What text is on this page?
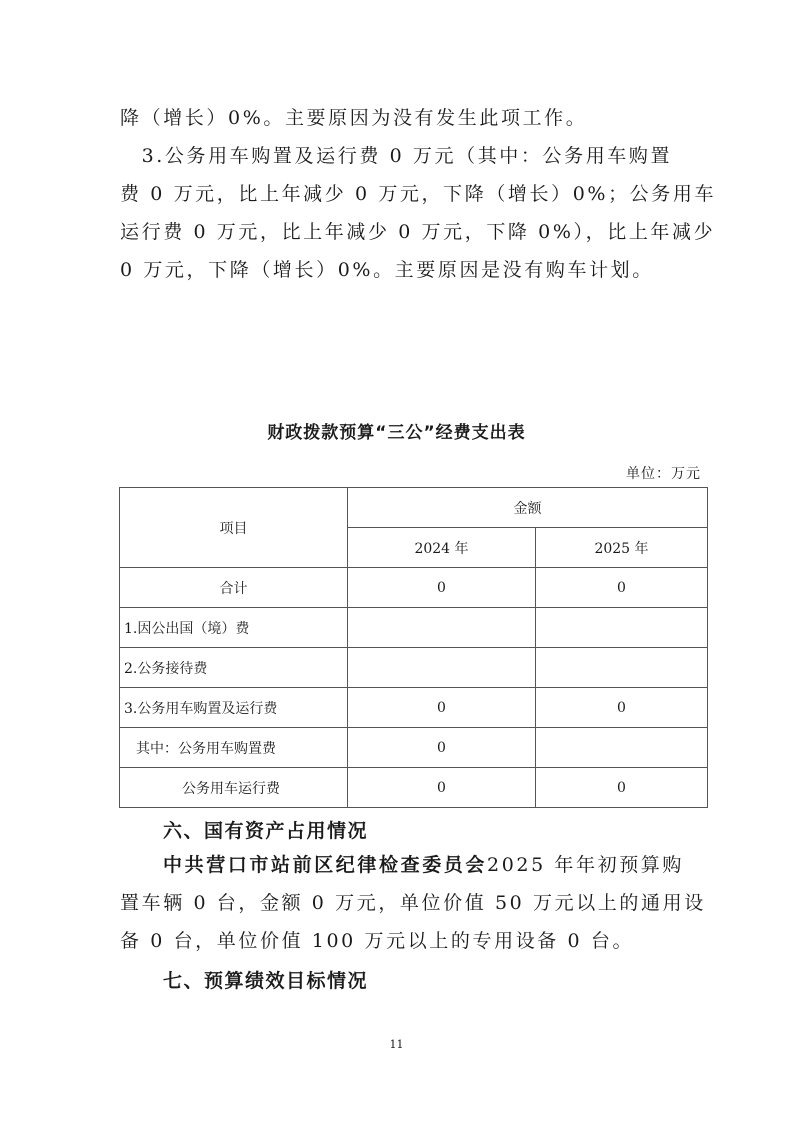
降（增长）0%。主要原因为没有发生此项工作。

　3.公务用车购置及运行费 0 万元（其中：公务用车购置

费 0 万元，比上年减少 0 万元，下降（增长）0%；公务用车

运行费 0 万元，比上年减少 0 万元，下降 0%），比上年减少

0 万元，下降（增长）0%。主要原因是没有购车计划。

财政拨款预算“三公”经费支出表
单位：万元
项目	金额	
	2024 年	2025 年
合计	0	0
1.因公出国（境）费		
2.公务接待费		
3.公务用车购置及运行费	0	0
其中：公务用车购置费	0	
公务用车运行费	0	0
六、国有资产占用情况

中共营口市站前区纪律检查委员会2025 年年初预算购

置车辆 0 台，金额 0 万元，单位价值 50 万元以上的通用设

备 0 台，单位价值 100 万元以上的专用设备 0 台。

七、预算绩效目标情况
11
